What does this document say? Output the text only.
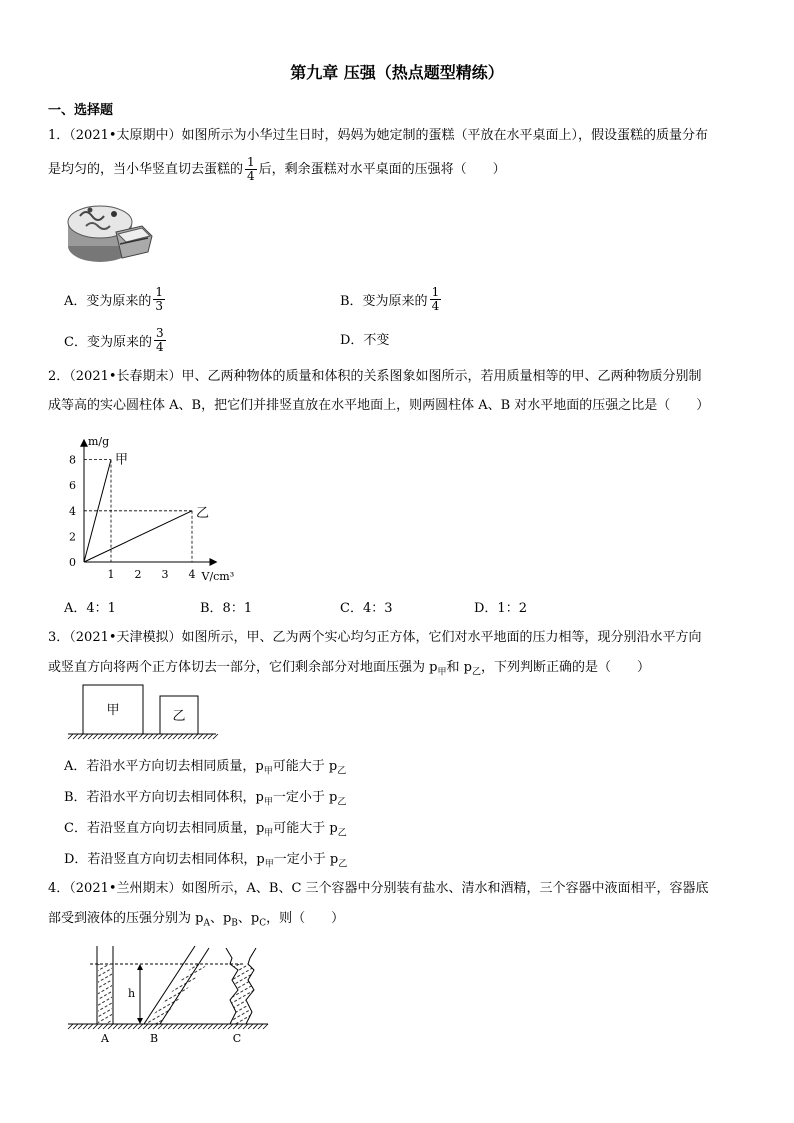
第九章 压强（热点题型精练）
一、选择题
1．（2021•太原期中）如图所示为小华过生日时，妈妈为她定制的蛋糕（平放在水平桌面上），假设蛋糕的质量分布
是均匀的，当小华竖直切去蛋糕的 $\frac{1}{4}$ 后，剩余蛋糕对水平桌面的压强将（　　）
A．变为原来的 $\frac{1}{3}$	B．变为原来的 $\frac{1}{4}$
C．变为原来的 $\frac{3}{4}$	D．不变
2．（2021•长春期末）甲、乙两种物体的质量和体积的关系图象如图所示，若用质量相等的甲、乙两种物质分别制
成等高的实心圆柱体 A、B，把它们并排竖直放在水平地面上，则两圆柱体 A、B 对水平地面的压强之比是（　　）
m/g
V/cm³
1 2 3 4
0
2
4
6
8	甲
乙
A．4：1	B．8：1	C．4：3	D．1：2
3．（2021•天津模拟）如图所示，甲、乙为两个实心均匀正方体，它们对水平地面的压力相等，现分别沿水平方向
或竖直方向将两个正方体切去一部分，它们剩余部分对地面压强为 $p_甲$和 $p_乙$，下列判断正确的是（　　）
甲	乙
A．若沿水平方向切去相同质量，$p_甲$可能大于 $p_乙$
B．若沿水平方向切去相同体积，$p_甲$一定小于 $p_乙$
C．若沿竖直方向切去相同质量，$p_甲$可能大于 $p_乙$
D．若沿竖直方向切去相同体积，$p_甲$一定小于 $p_乙$
4．（2021•兰州期末）如图所示，A、B、C 三个容器中分别装有盐水、清水和酒精，三个容器中液面相平，容器底
部受到液体的压强分别为 $p_A$、$p_B$、$p_C$，则（　　）
h
A	B	C
